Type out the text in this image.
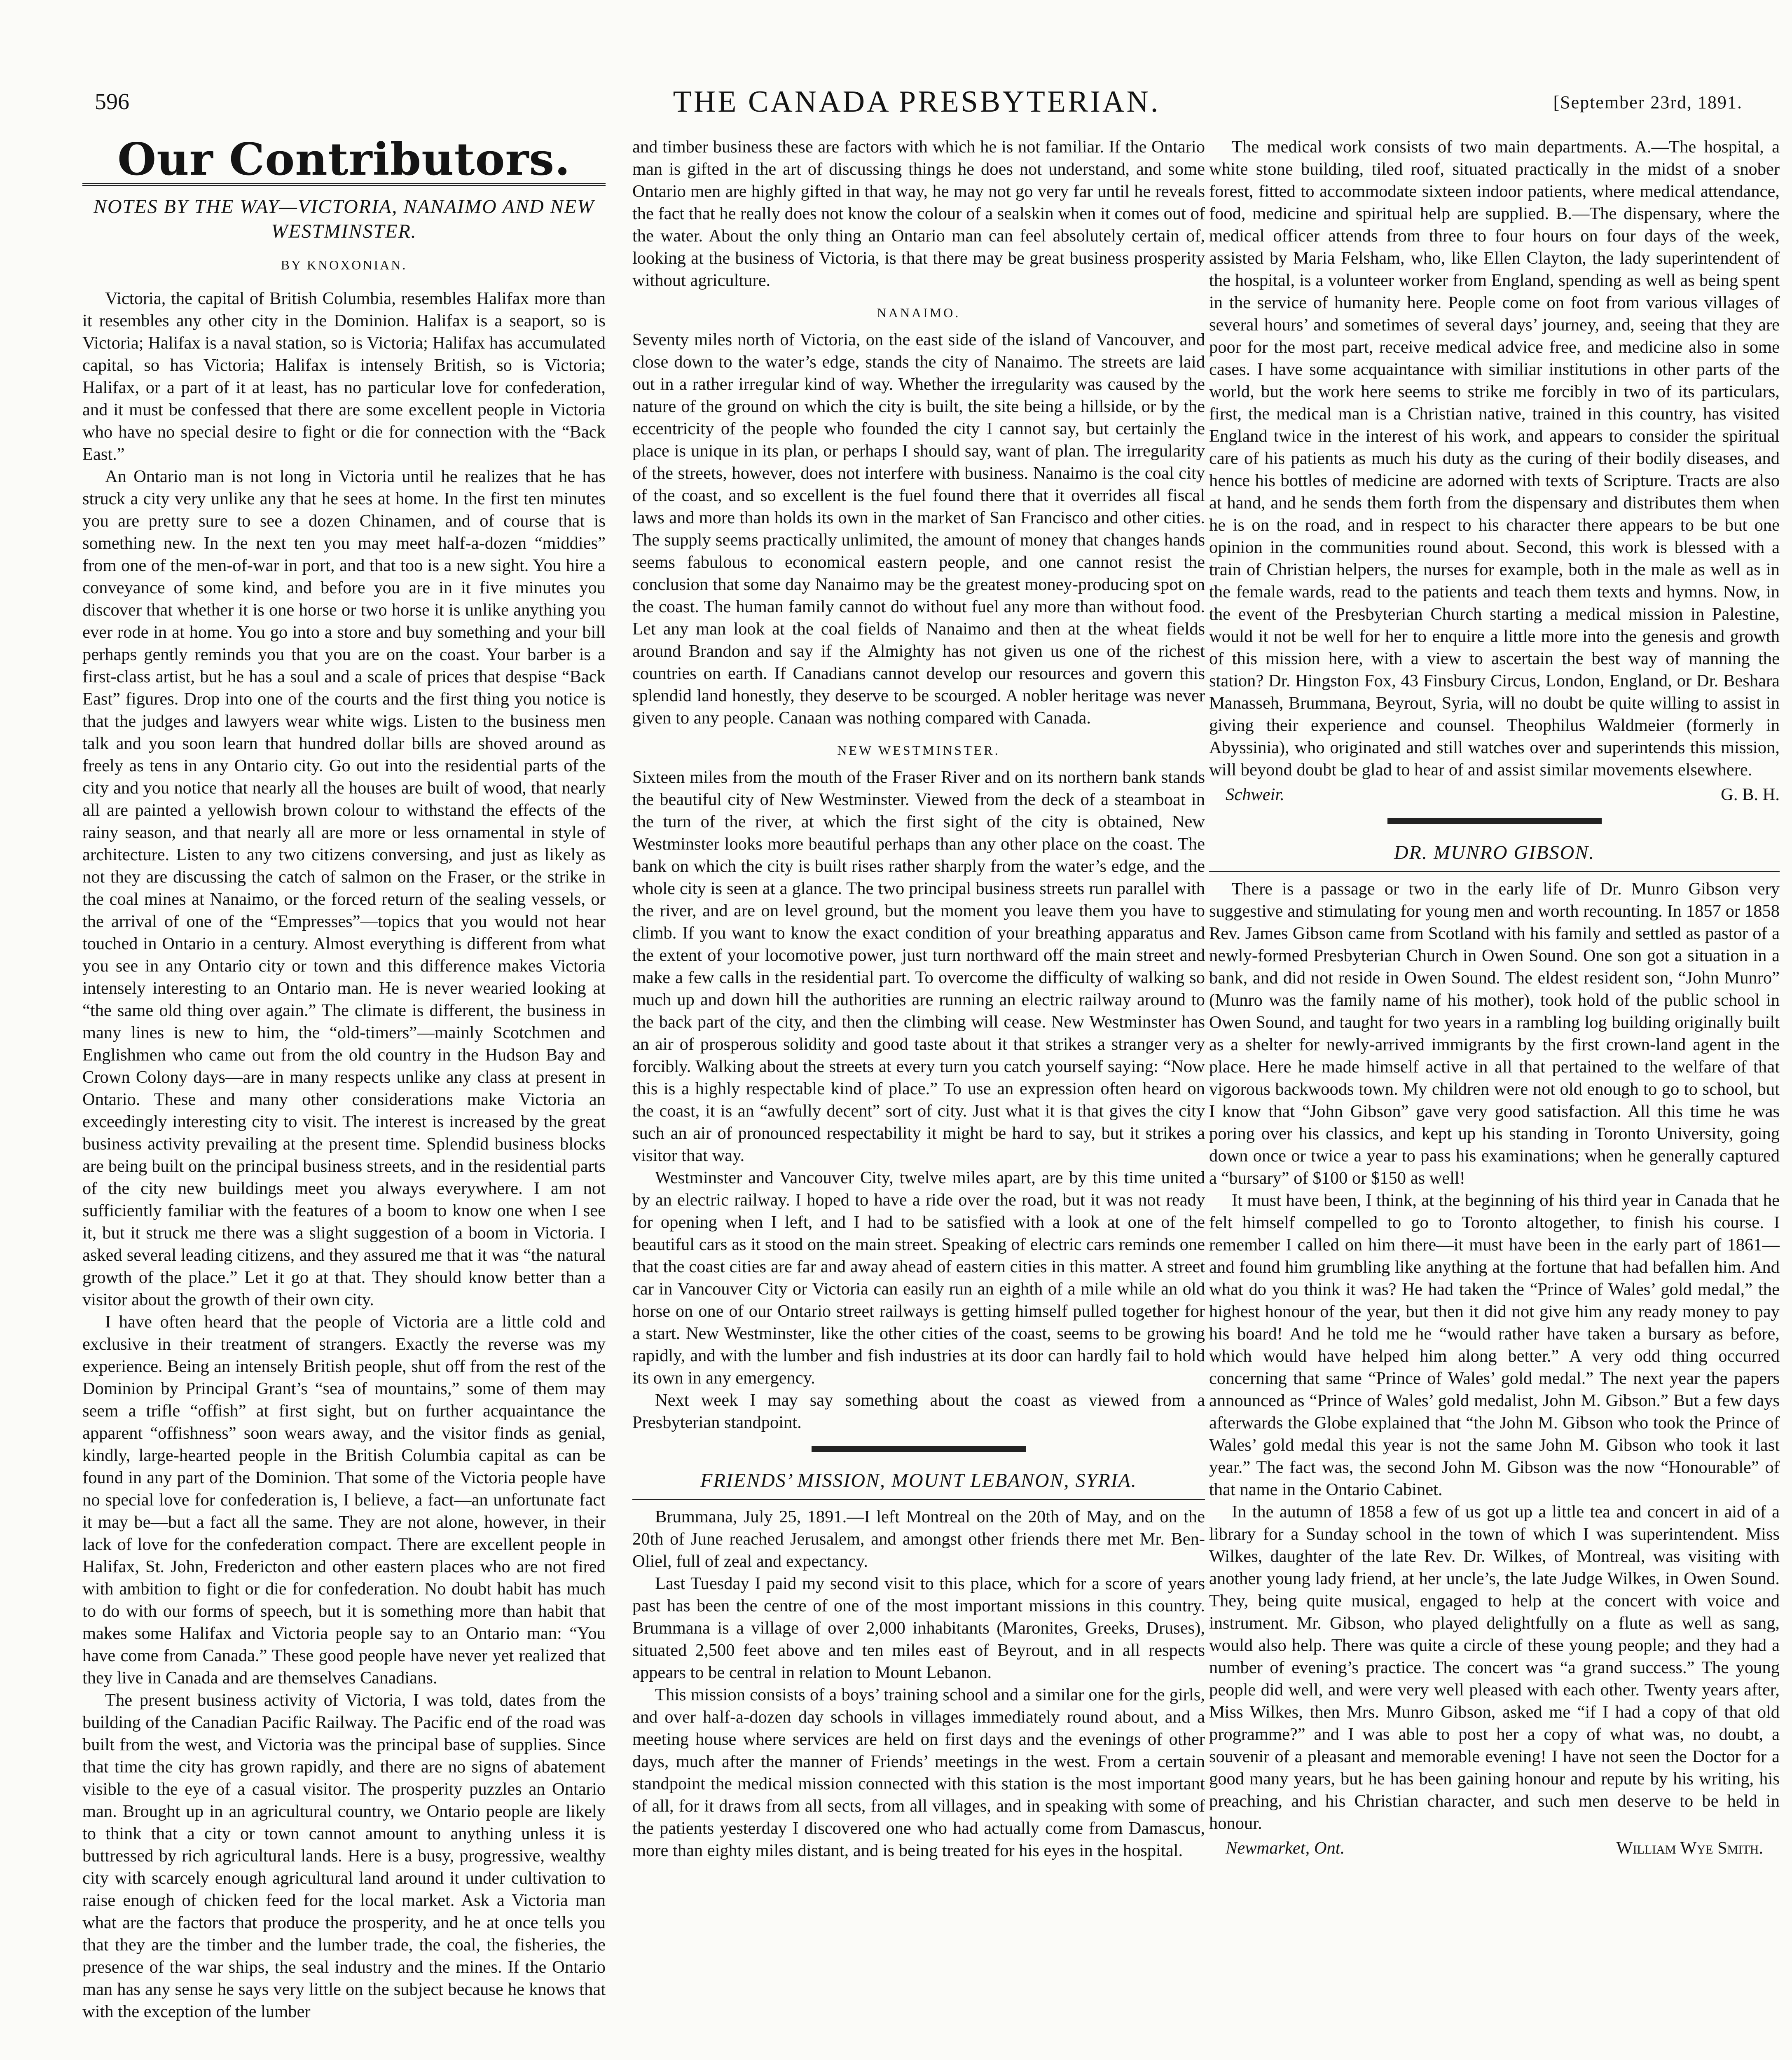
596	THE CANADA PRESBYTERIAN.	[September 23rd, 1891.
Our Contributors.
NOTES BY THE WAY—VICTORIA, NANAIMO AND NEW WESTMINSTER.
BY KNOXONIAN.

Victoria, the capital of British Columbia, resembles Halifax more than it resembles any other city in the Dominion. Halifax is a seaport, so is Victoria; Halifax is a naval station, so is Victoria; Halifax has accumulated capital, so has Victoria; Halifax is intensely British, so is Victoria; Halifax, or a part of it at least, has no particular love for confederation, and it must be confessed that there are some excellent people in Victoria who have no special desire to fight or die for connection with the “Back East.”

An Ontario man is not long in Victoria until he realizes that he has struck a city very unlike any that he sees at home. In the first ten minutes you are pretty sure to see a dozen Chinamen, and of course that is something new. In the next ten you may meet half-a-dozen “middies” from one of the men-of-war in port, and that too is a new sight. You hire a conveyance of some kind, and before you are in it five minutes you discover that whether it is one horse or two horse it is unlike anything you ever rode in at home. You go into a store and buy something and your bill perhaps gently reminds you that you are on the coast. Your barber is a first-class artist, but he has a soul and a scale of prices that despise “Back East” figures. Drop into one of the courts and the first thing you notice is that the judges and lawyers wear white wigs. Listen to the business men talk and you soon learn that hundred dollar bills are shoved around as freely as tens in any Ontario city. Go out into the residential parts of the city and you notice that nearly all the houses are built of wood, that nearly all are painted a yellowish brown colour to withstand the effects of the rainy season, and that nearly all are more or less ornamental in style of architecture. Listen to any two citizens conversing, and just as likely as not they are discussing the catch of salmon on the Fraser, or the strike in the coal mines at Nanaimo, or the forced return of the sealing vessels, or the arrival of one of the “Empresses”—topics that you would not hear touched in Ontario in a century. Almost everything is different from what you see in any Ontario city or town and this difference makes Victoria intensely interesting to an Ontario man. He is never wearied looking at “the same old thing over again.” The climate is different, the business in many lines is new to him, the “old-timers”—mainly Scotchmen and Englishmen who came out from the old country in the Hudson Bay and Crown Colony days—are in many respects unlike any class at present in Ontario. These and many other considerations make Victoria an exceedingly interesting city to visit. The interest is increased by the great business activity prevailing at the present time. Splendid business blocks are being built on the principal business streets, and in the residential parts of the city new buildings meet you always everywhere. I am not sufficiently familiar with the features of a boom to know one when I see it, but it struck me there was a slight suggestion of a boom in Victoria. I asked several leading citizens, and they assured me that it was “the natural growth of the place.” Let it go at that. They should know better than a visitor about the growth of their own city.

I have often heard that the people of Victoria are a little cold and exclusive in their treatment of strangers. Exactly the reverse was my experience. Being an intensely British people, shut off from the rest of the Dominion by Principal Grant’s “sea of mountains,” some of them may seem a trifle “offish” at first sight, but on further acquaintance the apparent “offishness” soon wears away, and the visitor finds as genial, kindly, large-hearted people in the British Columbia capital as can be found in any part of the Dominion. That some of the Victoria people have no special love for confederation is, I believe, a fact—an unfortunate fact it may be—but a fact all the same. They are not alone, however, in their lack of love for the confederation compact. There are excellent people in Halifax, St. John, Fredericton and other eastern places who are not fired with ambition to fight or die for confederation. No doubt habit has much to do with our forms of speech, but it is something more than habit that makes some Halifax and Victoria people say to an Ontario man: “You have come from Canada.” These good people have never yet realized that they live in Canada and are themselves Canadians.

The present business activity of Victoria, I was told, dates from the building of the Canadian Pacific Railway. The Pacific end of the road was built from the west, and Victoria was the principal base of supplies. Since that time the city has grown rapidly, and there are no signs of abatement visible to the eye of a casual visitor. The prosperity puzzles an Ontario man. Brought up in an agricultural country, we Ontario people are likely to think that a city or town cannot amount to anything unless it is buttressed by rich agricultural lands. Here is a busy, progressive, wealthy city with scarcely enough agricultural land around it under cultivation to raise enough of chicken feed for the local market. Ask a Victoria man what are the factors that produce the prosperity, and he at once tells you that they are the timber and the lumber trade, the coal, the fisheries, the presence of the war ships, the seal industry and the mines. If the Ontario man has any sense he says very little on the subject because he knows that with the exception of the lumber

and timber business these are factors with which he is not familiar. If the Ontario man is gifted in the art of discussing things he does not understand, and some Ontario men are highly gifted in that way, he may not go very far until he reveals the fact that he really does not know the colour of a sealskin when it comes out of the water. About the only thing an Ontario man can feel absolutely certain of, looking at the business of Victoria, is that there may be great business prosperity without agriculture.

NANAIMO.

Seventy miles north of Victoria, on the east side of the island of Vancouver, and close down to the water’s edge, stands the city of Nanaimo. The streets are laid out in a rather irregular kind of way. Whether the irregularity was caused by the nature of the ground on which the city is built, the site being a hillside, or by the eccentricity of the people who founded the city I cannot say, but certainly the place is unique in its plan, or perhaps I should say, want of plan. The irregularity of the streets, however, does not interfere with business. Nanaimo is the coal city of the coast, and so excellent is the fuel found there that it overrides all fiscal laws and more than holds its own in the market of San Francisco and other cities. The supply seems practically unlimited, the amount of money that changes hands seems fabulous to economical eastern people, and one cannot resist the conclusion that some day Nanaimo may be the greatest money-producing spot on the coast. The human family cannot do without fuel any more than without food. Let any man look at the coal fields of Nanaimo and then at the wheat fields around Brandon and say if the Almighty has not given us one of the richest countries on earth. If Canadians cannot develop our resources and govern this splendid land honestly, they deserve to be scourged. A nobler heritage was never given to any people. Canaan was nothing compared with Canada.

NEW WESTMINSTER.

Sixteen miles from the mouth of the Fraser River and on its northern bank stands the beautiful city of New Westminster. Viewed from the deck of a steamboat in the turn of the river, at which the first sight of the city is obtained, New Westminster looks more beautiful perhaps than any other place on the coast. The bank on which the city is built rises rather sharply from the water’s edge, and the whole city is seen at a glance. The two principal business streets run parallel with the river, and are on level ground, but the moment you leave them you have to climb. If you want to know the exact condition of your breathing apparatus and the extent of your locomotive power, just turn northward off the main street and make a few calls in the residential part. To overcome the difficulty of walking so much up and down hill the authorities are running an electric railway around to the back part of the city, and then the climbing will cease. New Westminster has an air of prosperous solidity and good taste about it that strikes a stranger very forcibly. Walking about the streets at every turn you catch yourself saying: “Now this is a highly respectable kind of place.” To use an expression often heard on the coast, it is an “awfully decent” sort of city. Just what it is that gives the city such an air of pronounced respectability it might be hard to say, but it strikes a visitor that way.

Westminster and Vancouver City, twelve miles apart, are by this time united by an electric railway. I hoped to have a ride over the road, but it was not ready for opening when I left, and I had to be satisfied with a look at one of the beautiful cars as it stood on the main street. Speaking of electric cars reminds one that the coast cities are far and away ahead of eastern cities in this matter. A street car in Vancouver City or Victoria can easily run an eighth of a mile while an old horse on one of our Ontario street railways is getting himself pulled together for a start. New Westminster, like the other cities of the coast, seems to be growing rapidly, and with the lumber and fish industries at its door can hardly fail to hold its own in any emergency.

Next week I may say something about the coast as viewed from a Presbyterian standpoint.

FRIENDS’ MISSION, MOUNT LEBANON, SYRIA.

Brummana, July 25, 1891.—I left Montreal on the 20th of May, and on the 20th of June reached Jerusalem, and amongst other friends there met Mr. Ben-Oliel, full of zeal and expectancy.

Last Tuesday I paid my second visit to this place, which for a score of years past has been the centre of one of the most important missions in this country. Brummana is a village of over 2,000 inhabitants (Maronites, Greeks, Druses), situated 2,500 feet above and ten miles east of Beyrout, and in all respects appears to be central in relation to Mount Lebanon.

This mission consists of a boys’ training school and a similar one for the girls, and over half-a-dozen day schools in villages immediately round about, and a meeting house where services are held on first days and the evenings of other days, much after the manner of Friends’ meetings in the west. From a certain standpoint the medical mission connected with this station is the most important of all, for it draws from all sects, from all villages, and in speaking with some of the patients yesterday I discovered one who had actually come from Damascus, more than eighty miles distant, and is being treated for his eyes in the hospital.

The medical work consists of two main departments. A.—The hospital, a white stone building, tiled roof, situated practically in the midst of a snober forest, fitted to accommodate sixteen indoor patients, where medical attendance, food, medicine and spiritual help are supplied. B.—The dispensary, where the medical officer attends from three to four hours on four days of the week, assisted by Maria Felsham, who, like Ellen Clayton, the lady superintendent of the hospital, is a volunteer worker from England, spending as well as being spent in the service of humanity here. People come on foot from various villages of several hours’ and sometimes of several days’ journey, and, seeing that they are poor for the most part, receive medical advice free, and medicine also in some cases. I have some acquaintance with similiar institutions in other parts of the world, but the work here seems to strike me forcibly in two of its particulars, first, the medical man is a Christian native, trained in this country, has visited England twice in the interest of his work, and appears to consider the spiritual care of his patients as much his duty as the curing of their bodily diseases, and hence his bottles of medicine are adorned with texts of Scripture. Tracts are also at hand, and he sends them forth from the dispensary and distributes them when he is on the road, and in respect to his character there appears to be but one opinion in the communities round about. Second, this work is blessed with a train of Christian helpers, the nurses for example, both in the male as well as in the female wards, read to the patients and teach them texts and hymns. Now, in the event of the Presbyterian Church starting a medical mission in Palestine, would it not be well for her to enquire a little more into the genesis and growth of this mission here, with a view to ascertain the best way of manning the station? Dr. Hingston Fox, 43 Finsbury Circus, London, England, or Dr. Beshara Manasseh, Brummana, Beyrout, Syria, will no doubt be quite willing to assist in giving their experience and counsel. Theophilus Waldmeier (formerly in Abyssinia), who originated and still watches over and superintends this mission, will beyond doubt be glad to hear of and assist similar movements elsewhere.

Schweir.	G. B. H.
DR. MUNRO GIBSON.

There is a passage or two in the early life of Dr. Munro Gibson very suggestive and stimulating for young men and worth recounting. In 1857 or 1858 Rev. James Gibson came from Scotland with his family and settled as pastor of a newly-formed Presbyterian Church in Owen Sound. One son got a situation in a bank, and did not reside in Owen Sound. The eldest resident son, “John Munro” (Munro was the family name of his mother), took hold of the public school in Owen Sound, and taught for two years in a rambling log building originally built as a shelter for newly-arrived immigrants by the first crown-land agent in the place. Here he made himself active in all that pertained to the welfare of that vigorous backwoods town. My children were not old enough to go to school, but I know that “John Gibson” gave very good satisfaction. All this time he was poring over his classics, and kept up his standing in Toronto University, going down once or twice a year to pass his examinations; when he generally captured a “bursary” of $100 or $150 as well!

It must have been, I think, at the beginning of his third year in Canada that he felt himself compelled to go to Toronto altogether, to finish his course. I remember I called on him there—it must have been in the early part of 1861—and found him grumbling like anything at the fortune that had befallen him. And what do you think it was? He had taken the “Prince of Wales’ gold medal,” the highest honour of the year, but then it did not give him any ready money to pay his board! And he told me he “would rather have taken a bursary as before, which would have helped him along better.” A very odd thing occurred concerning that same “Prince of Wales’ gold medal.” The next year the papers announced as “Prince of Wales’ gold medalist, John M. Gibson.” But a few days afterwards the Globe explained that “the John M. Gibson who took the Prince of Wales’ gold medal this year is not the same John M. Gibson who took it last year.” The fact was, the second John M. Gibson was the now “Honourable” of that name in the Ontario Cabinet.

In the autumn of 1858 a few of us got up a little tea and concert in aid of a library for a Sunday school in the town of which I was superintendent. Miss Wilkes, daughter of the late Rev. Dr. Wilkes, of Montreal, was visiting with another young lady friend, at her uncle’s, the late Judge Wilkes, in Owen Sound. They, being quite musical, engaged to help at the concert with voice and instrument. Mr. Gibson, who played delightfully on a flute as well as sang, would also help. There was quite a circle of these young people; and they had a number of evening’s practice. The concert was “a grand success.” The young people did well, and were very well pleased with each other. Twenty years after, Miss Wilkes, then Mrs. Munro Gibson, asked me “if I had a copy of that old programme?” and I was able to post her a copy of what was, no doubt, a souvenir of a pleasant and memorable evening! I have not seen the Doctor for a good many years, but he has been gaining honour and repute by his writing, his preaching, and his Christian character, and such men deserve to be held in honour.

Newmarket, Ont.	William Wye Smith.
